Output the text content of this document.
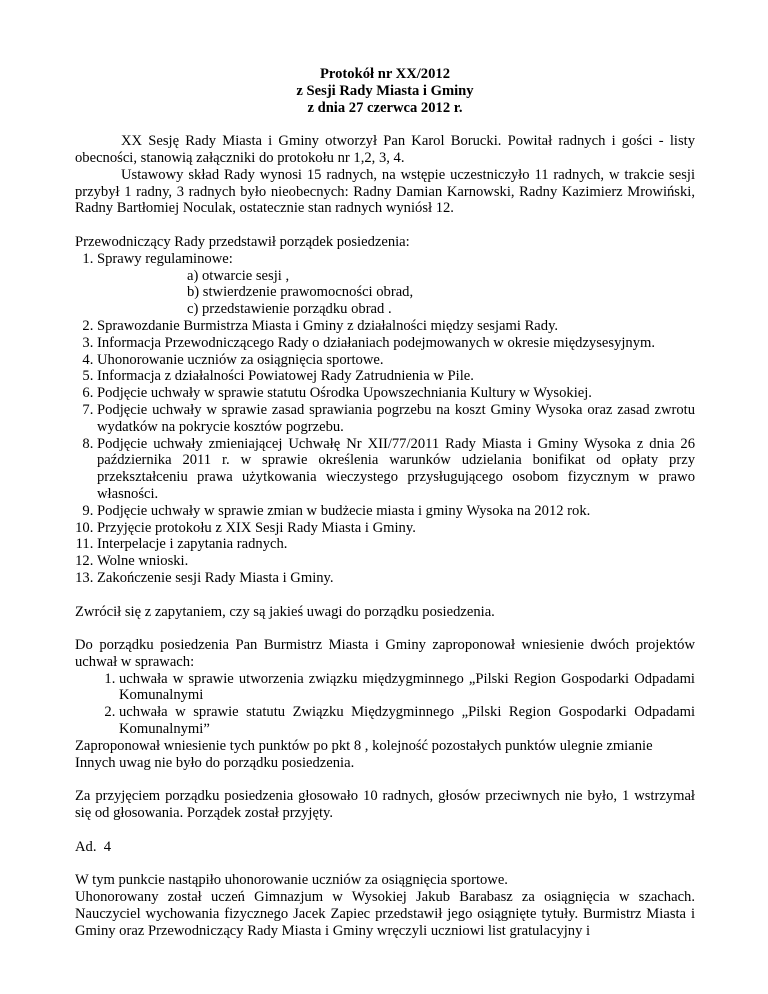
Protokół nr XX/2012
z Sesji Rady Miasta i Gminy
z dnia 27 czerwca 2012 r.

XX Sesję Rady Miasta i Gminy otworzył Pan Karol Borucki. Powitał radnych i gości - listy obecności, stanowią załączniki do protokołu nr 1,2, 3, 4.

Ustawowy skład Rady wynosi 15 radnych, na wstępie uczestniczyło 11 radnych, w trakcie sesji przybył 1 radny, 3 radnych było nieobecnych: Radny Damian Karnowski, Radny Kazimierz Mrowiński, Radny Bartłomiej Noculak, ostatecznie stan radnych wyniósł 12.

Przewodniczący Rady przedstawił porządek posiedzenia:

1. Sprawy regulaminowe:
a) otwarcie sesji ,
b) stwierdzenie prawomocności obrad,
c) przedstawienie porządku obrad .
2. Sprawozdanie Burmistrza Miasta i Gminy z działalności między sesjami Rady.
3. Informacja Przewodniczącego Rady o działaniach podejmowanych w okresie międzysesyjnym.
4. Uhonorowanie uczniów za osiągnięcia sportowe.
5. Informacja z działalności Powiatowej Rady Zatrudnienia w Pile.
6. Podjęcie uchwały w sprawie statutu Ośrodka Upowszechniania Kultury w Wysokiej.
7. Podjęcie uchwały w sprawie zasad sprawiania pogrzebu na koszt Gminy Wysoka oraz zasad zwrotu wydatków na pokrycie kosztów pogrzebu.
8. Podjęcie uchwały zmieniającej Uchwałę Nr XII/77/2011 Rady Miasta i Gminy Wysoka z dnia 26 października 2011 r. w sprawie określenia warunków udzielania bonifikat od opłaty przy przekształceniu prawa użytkowania wieczystego przysługującego osobom fizycznym w prawo własności.
9. Podjęcie uchwały w sprawie zmian w budżecie miasta i gminy Wysoka na 2012 rok.
10. Przyjęcie protokołu z XIX Sesji Rady Miasta i Gminy.
11. Interpelacje i zapytania radnych.
12. Wolne wnioski.
13. Zakończenie sesji Rady Miasta i Gminy.

Zwrócił się z zapytaniem, czy są jakieś uwagi do porządku posiedzenia.

Do porządku posiedzenia Pan Burmistrz Miasta i Gminy zaproponował wniesienie dwóch projektów uchwał w sprawach:

1. uchwała w sprawie utworzenia związku międzygminnego „Pilski Region Gospodarki Odpadami Komunalnymi
2. uchwała w sprawie statutu Związku Międzygminnego „Pilski Region Gospodarki Odpadami Komunalnymi”

Zaproponował wniesienie tych punktów po pkt 8 , kolejność pozostałych punktów ulegnie zmianie

Innych uwag nie było do porządku posiedzenia.

Za przyjęciem porządku posiedzenia głosowało 10 radnych, głosów przeciwnych nie było, 1 wstrzymał się od głosowania. Porządek został przyjęty.

Ad.  4

W tym punkcie nastąpiło uhonorowanie uczniów za osiągnięcia sportowe.

Uhonorowany został uczeń Gimnazjum w Wysokiej Jakub Barabasz za osiągnięcia w szachach. Nauczyciel wychowania fizycznego Jacek Zapiec przedstawił jego osiągnięte tytuły. Burmistrz Miasta i Gminy oraz Przewodniczący Rady Miasta i Gminy wręczyli uczniowi list gratulacyjny i
